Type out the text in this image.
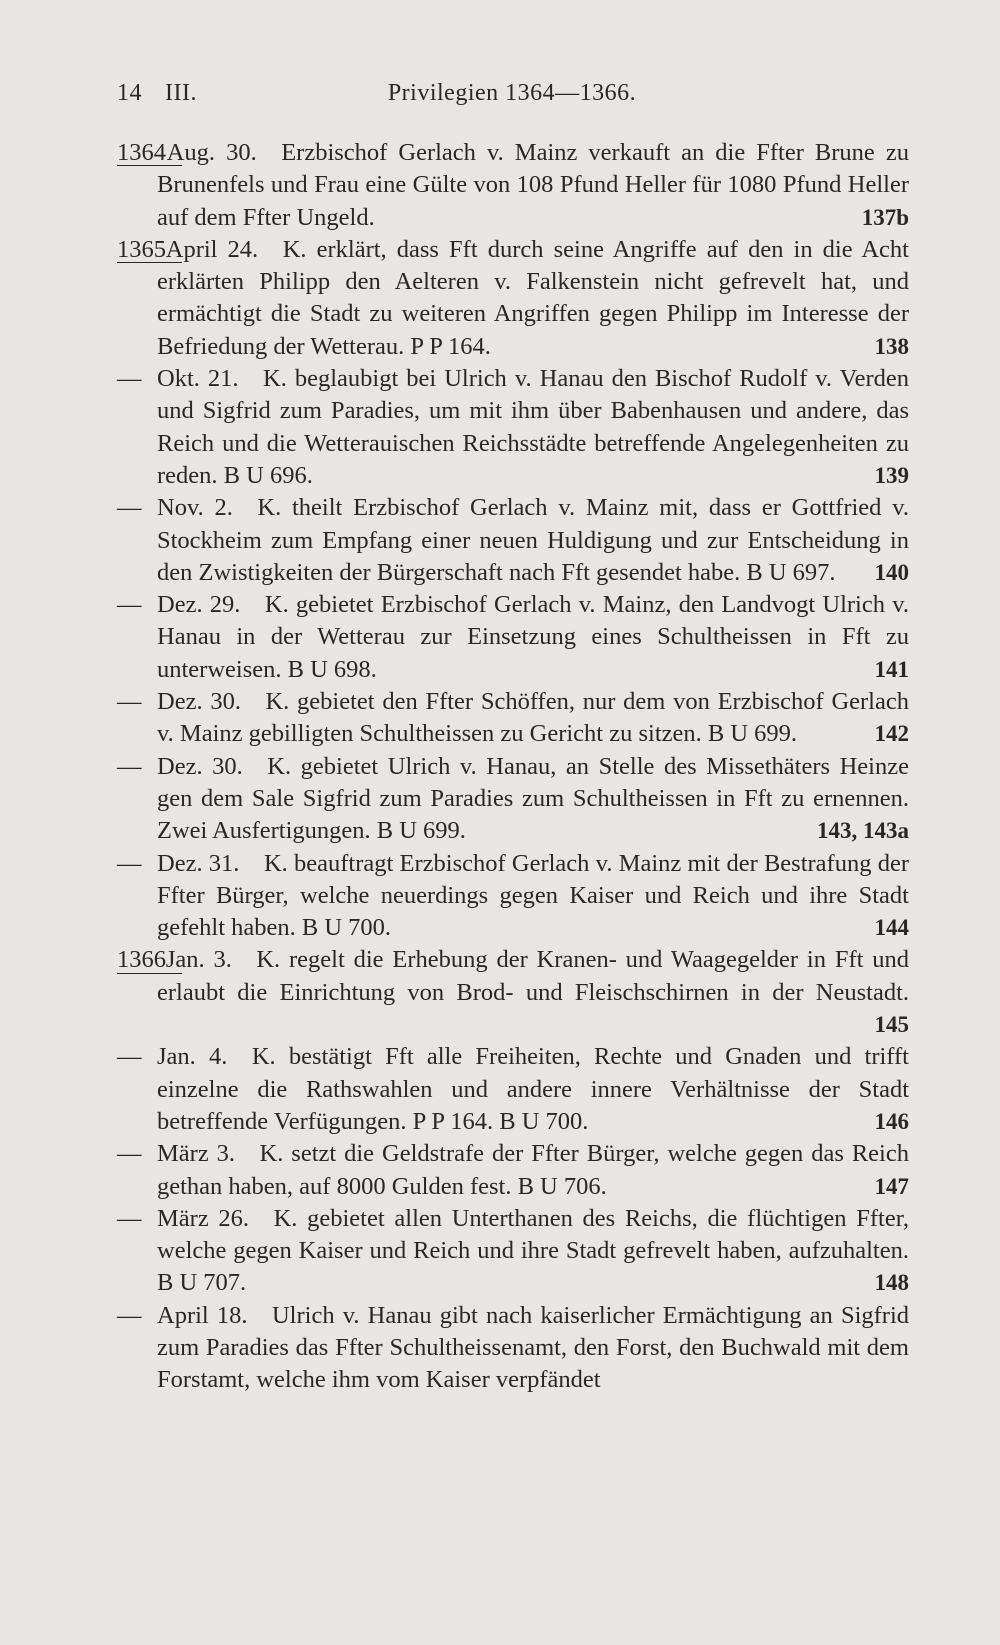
14 III.	Privilegien 1364—1366.
1364 Aug. 30.  Erzbischof Gerlach v. Mainz verkauft an die Ffter Brune zu Brunenfels und Frau eine Gülte von 108 Pfund Heller für 1080 Pfund Heller auf dem Ffter Ungeld.	137b
1365 April 24.  K. erklärt, dass Fft durch seine Angriffe auf den in die Acht erklärten Philipp den Aelteren v. Falkenstein nicht gefrevelt hat, und ermächtigt die Stadt zu weiteren Angriffen gegen Philipp im Interesse der Befriedung der Wetterau. P P 164.	138
— Okt. 21.  K. beglaubigt bei Ulrich v. Hanau den Bischof Rudolf v. Verden und Sigfrid zum Paradies, um mit ihm über Babenhausen und andere, das Reich und die Wetterauischen Reichsstädte betreffende Angelegenheiten zu reden. B U 696.	139
— Nov. 2.  K. theilt Erzbischof Gerlach v. Mainz mit, dass er Gottfried v. Stockheim zum Empfang einer neuen Huldigung und zur Entscheidung in den Zwistigkeiten der Bürgerschaft nach Fft gesendet habe. B U 697. 140
— Dez. 29.  K. gebietet Erzbischof Gerlach v. Mainz, den Landvogt Ulrich v. Hanau in der Wetterau zur Einsetzung eines Schultheissen in Fft zu unterweisen. B U 698.	141
— Dez. 30.  K. gebietet den Ffter Schöffen, nur dem von Erzbischof Gerlach v. Mainz gebilligten Schultheissen zu Gericht zu sitzen. B U 699.	142
— Dez. 30.  K. gebietet Ulrich v. Hanau, an Stelle des Missethäters Heinze gen dem Sale Sigfrid zum Paradies zum Schultheissen in Fft zu ernennen. Zwei Ausfertigungen. B U 699.	143, 143a
— Dez. 31.  K. beauftragt Erzbischof Gerlach v. Mainz mit der Bestrafung der Ffter Bürger, welche neuerdings gegen Kaiser und Reich und ihre Stadt gefehlt haben. B U 700.	144
1366 Jan. 3.  K. regelt die Erhebung der Kranen- und Waagegelder in Fft und erlaubt die Einrichtung von Brod- und Fleischschirnen in der Neustadt.
145
— Jan. 4.  K. bestätigt Fft alle Freiheiten, Rechte und Gnaden und trifft einzelne die Rathswahlen und andere innere Verhältnisse der Stadt betreffende Verfügungen. P P 164. B U 700.	146
— März 3.  K. setzt die Geldstrafe der Ffter Bürger, welche gegen das Reich gethan haben, auf 8000 Gulden fest. B U 706.	147
— März 26.  K. gebietet allen Unterthanen des Reichs, die flüchtigen Ffter, welche gegen Kaiser und Reich und ihre Stadt gefrevelt haben, aufzuhalten. B U 707.	148
— April 18.  Ulrich v. Hanau gibt nach kaiserlicher Ermächtigung an Sigfrid zum Paradies das Ffter Schultheissenamt, den Forst, den Buchwald mit dem Forstamt, welche ihm vom Kaiser verpfändet
